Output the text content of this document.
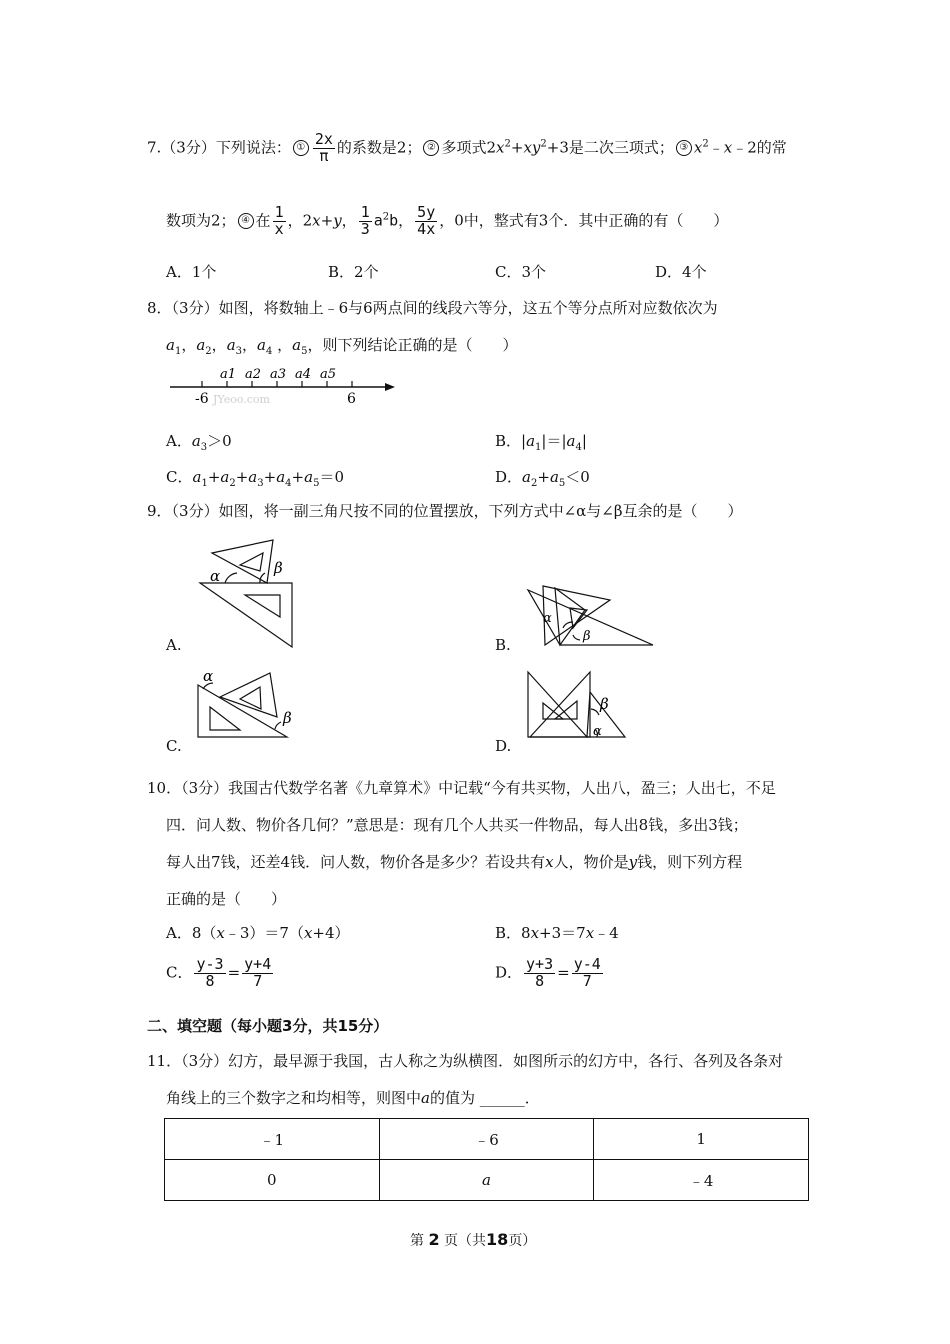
7.（3分）下列说法： ① $\frac{2x}{\pi}$ 的系数是2； ② 多项式$2x^2+xy^2+3$是二次三项式； ③ $x^2﹣x﹣2$的常
数项为2； ④ 在 $\frac{1}{x}$ ，2x+y， $\frac{1}{3} a^2b$， $\frac{5y}{4x}$ ，0中，整式有3个．其中正确的有（　　）
A．1个	B．2个	C．3个	D．4个
8．（3分）如图，将数轴上﹣6与6两点间的线段六等分，这五个等分点所对应数依次为
$a_1$，$a_2$，$a_3$，$a_4$ ，$a_5$，则下列结论正确的是（　　）
a1 a2 a3 a4 a5
-6	6
JYeoo.com
A．$a_3>0$	B．$|a_1|=|a_4|$
C．$a_1+a_2+a_3+a_4+a_5=0$	D．$a_2+a_5<0$
9．（3分）如图，将一副三角尺按不同的位置摆放，下列方式中∠α与∠β互余的是（　　）
α	β
A.
α
β
B.
α
β
C.
α
β
D.
10．（3分）我国古代数学名著《九章算术》中记载“今有共买物，人出八，盈三；人出七，不足
四．问人数、物价各几何？”意思是：现有几个人共买一件物品，每人出8钱，多出3钱；
每人出7钱，还差4钱．问人数，物价各是多少？若设共有x人，物价是y钱，则下列方程
正确的是（　　）
A．8（x﹣3）＝7（x+4）	B．8x+3＝7x﹣4
C． $\frac{y-3}{8} = \frac{y+4}{7}$	D． $\frac{y+3}{8} = \frac{y-4}{7}$
二、填空题（每小题3分，共15分）
11．（3分）幻方，最早源于我国，古人称之为纵横图．如图所示的幻方中，各行、各列及各条对
角线上的三个数字之和均相等，则图中a的值为 ______．
﹣1	﹣6	1
0	a	﹣4
第 2 页（共18页）
